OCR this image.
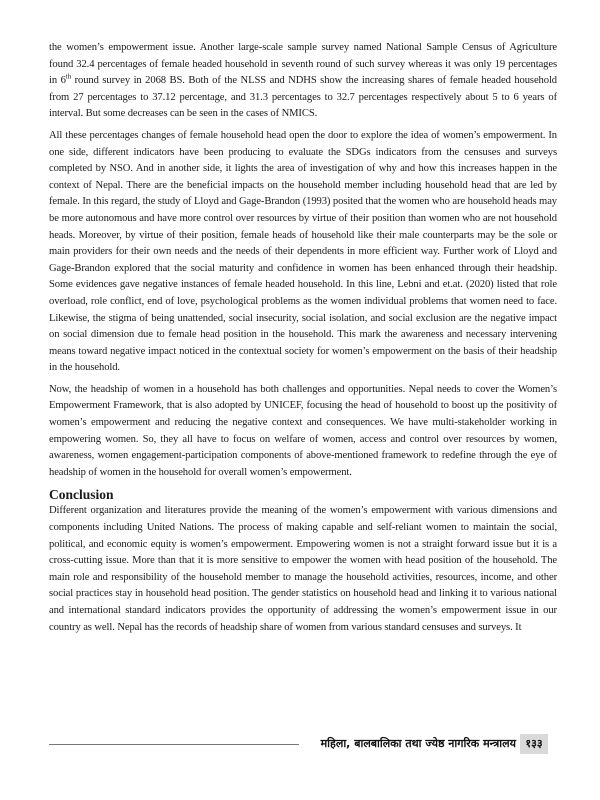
the women’s empowerment issue. Another large-scale sample survey named National Sample Census of Agriculture found 32.4 percentages of female headed household in seventh round of such survey whereas it was only 19 percentages in 6th round survey in 2068 BS. Both of the NLSS and NDHS show the increasing shares of female headed household from 27 percentages to 37.12 percentage, and 31.3 percentages to 32.7 percentages respectively about 5 to 6 years of interval. But some decreases can be seen in the cases of NMICS.

All these percentages changes of female household head open the door to explore the idea of women’s empowerment. In one side, different indicators have been producing to evaluate the SDGs indicators from the censuses and surveys completed by NSO. And in another side, it lights the area of investigation of why and how this increases happen in the context of Nepal. There are the beneficial impacts on the household member including household head that are led by female. In this regard, the study of Lloyd and Gage-Brandon (1993) posited that the women who are household heads may be more autonomous and have more control over resources by virtue of their position than women who are not household heads. Moreover, by virtue of their position, female heads of household like their male counterparts may be the sole or main providers for their own needs and the needs of their dependents in more efficient way. Further work of Lloyd and Gage-Brandon explored that the social maturity and confidence in women has been enhanced through their headship. Some evidences gave negative instances of female headed household. In this line, Lebni and et.at. (2020) listed that role overload, role conflict, end of love, psychological problems as the women individual problems that women need to face. Likewise, the stigma of being unattended, social insecurity, social isolation, and social exclusion are the negative impact on social dimension due to female head position in the household. This mark the awareness and necessary intervening means toward negative impact noticed in the contextual society for women’s empowerment on the basis of their headship in the household.

Now, the headship of women in a household has both challenges and opportunities. Nepal needs to cover the Women’s Empowerment Framework, that is also adopted by UNICEF, focusing the head of household to boost up the positivity of women’s empowerment and reducing the negative context and consequences. We have multi-stakeholder working in empowering women. So, they all have to focus on welfare of women, access and control over resources by women, awareness, women engagement-participation components of above-mentioned framework to redefine through the eye of headship of women in the household for overall women’s empowerment.

Conclusion

Different organization and literatures provide the meaning of the women’s empowerment with various dimensions and components including United Nations. The process of making capable and self-reliant women to maintain the social, political, and economic equity is women’s empowerment. Empowering women is not a straight forward issue but it is a cross-cutting issue. More than that it is more sensitive to empower the women with head position of the household. The main role and responsibility of the household member to manage the household activities, resources, income, and other social practices stay in household head position. The gender statistics on household head and linking it to various national and international standard indicators provides the opportunity of addressing the women’s empowerment issue in our country as well. Nepal has the records of headship share of women from various standard censuses and surveys. It

महिला, बालबालिका तथा ज्येष्ठ नागरिक मन्त्रालय १३३
